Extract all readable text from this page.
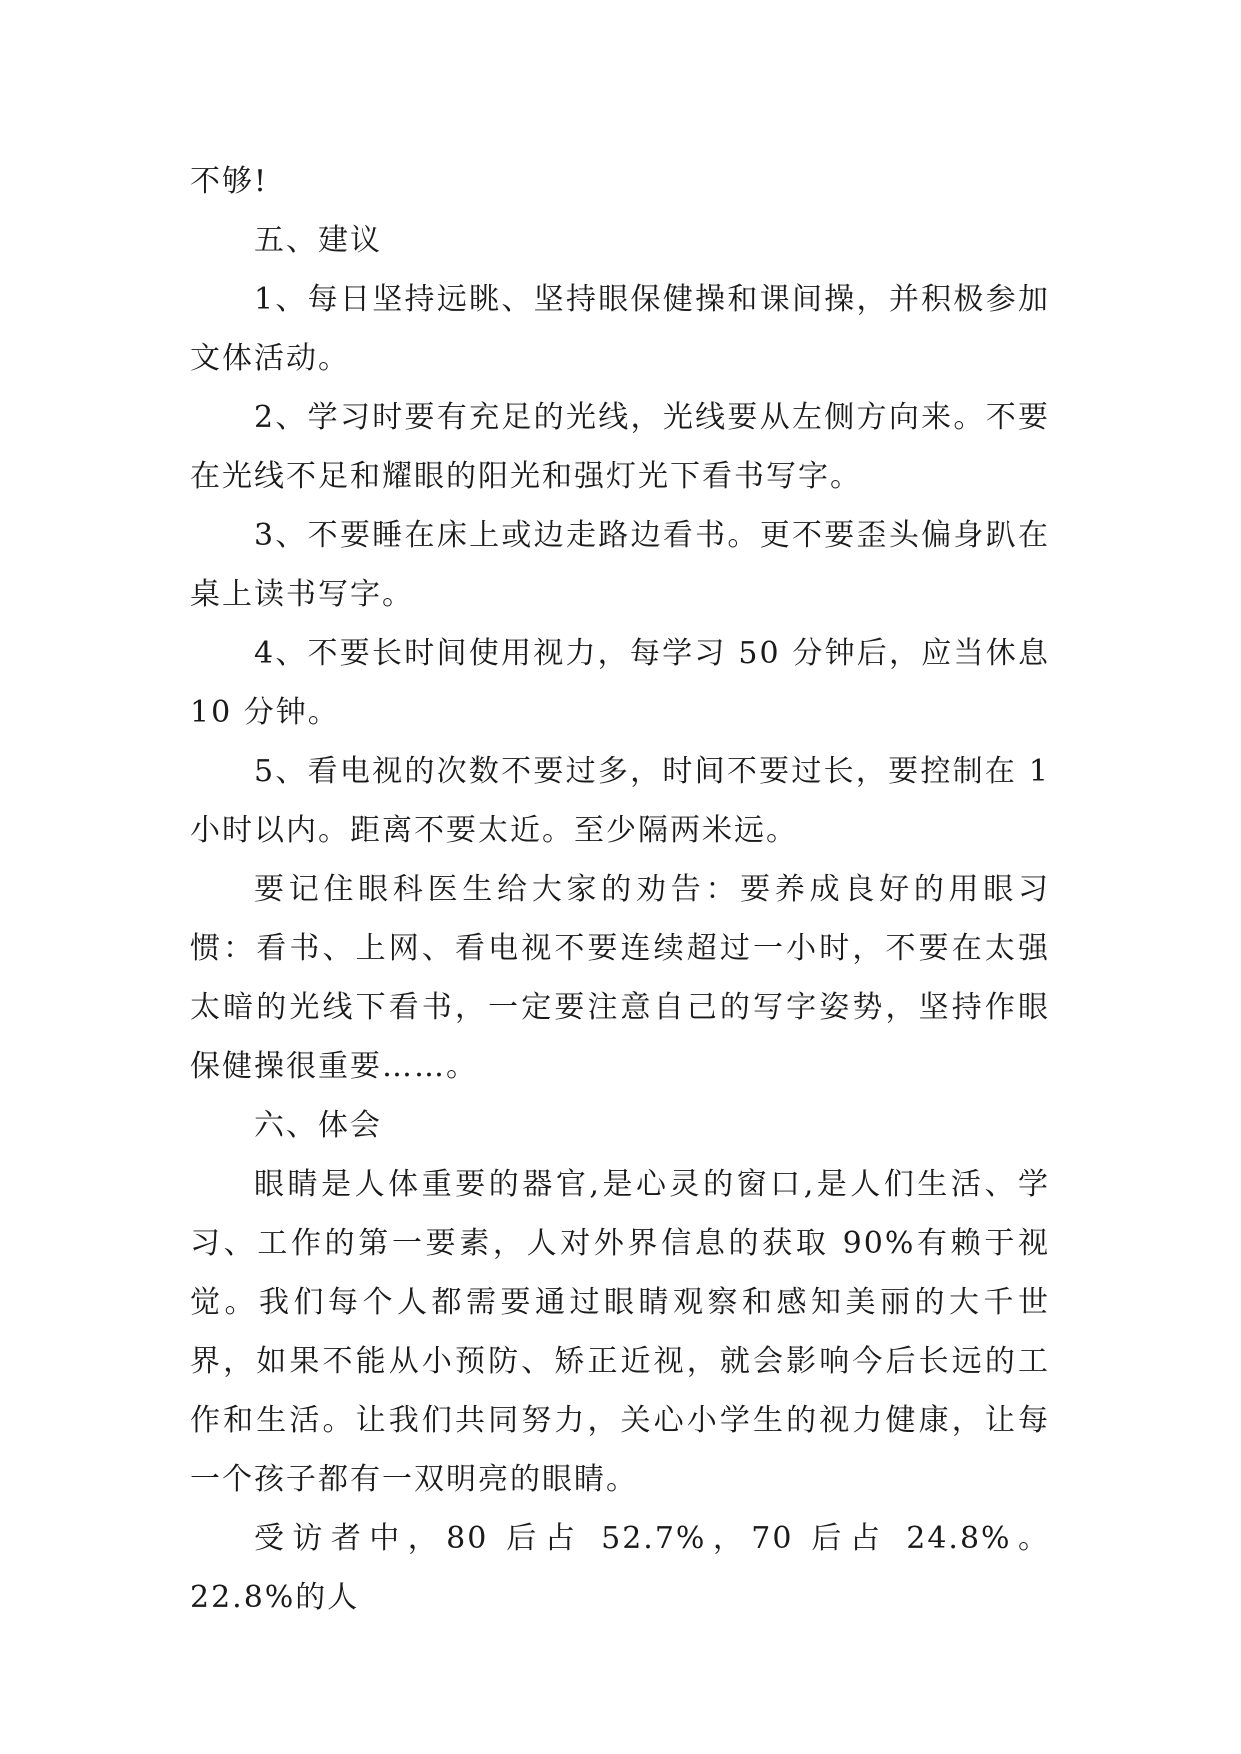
不够!

五、建议

1、每日坚持远眺、坚持眼保健操和课间操，并积极参加文体活动。

2、学习时要有充足的光线，光线要从左侧方向来。不要在光线不足和耀眼的阳光和强灯光下看书写字。

3、不要睡在床上或边走路边看书。更不要歪头偏身趴在桌上读书写字。

4、不要长时间使用视力，每学习 50 分钟后，应当休息 10 分钟。

5、看电视的次数不要过多，时间不要过长，要控制在 1 小时以内。距离不要太近。至少隔两米远。

要记住眼科医生给大家的劝告：要养成良好的用眼习惯：看书、上网、看电视不要连续超过一小时，不要在太强太暗的光线下看书，一定要注意自己的写字姿势，坚持作眼保健操很重要……。

六、体会

眼睛是人体重要的器官,是心灵的窗口,是人们生活、学习、工作的第一要素，人对外界信息的获取 90%有赖于视觉。我们每个人都需要通过眼睛观察和感知美丽的大千世界，如果不能从小预防、矫正近视，就会影响今后长远的工作和生活。让我们共同努力，关心小学生的视力健康，让每一个孩子都有一双明亮的眼睛。

受访者中，80 后占 52.7%，70 后占 24.8%。22.8%的人
